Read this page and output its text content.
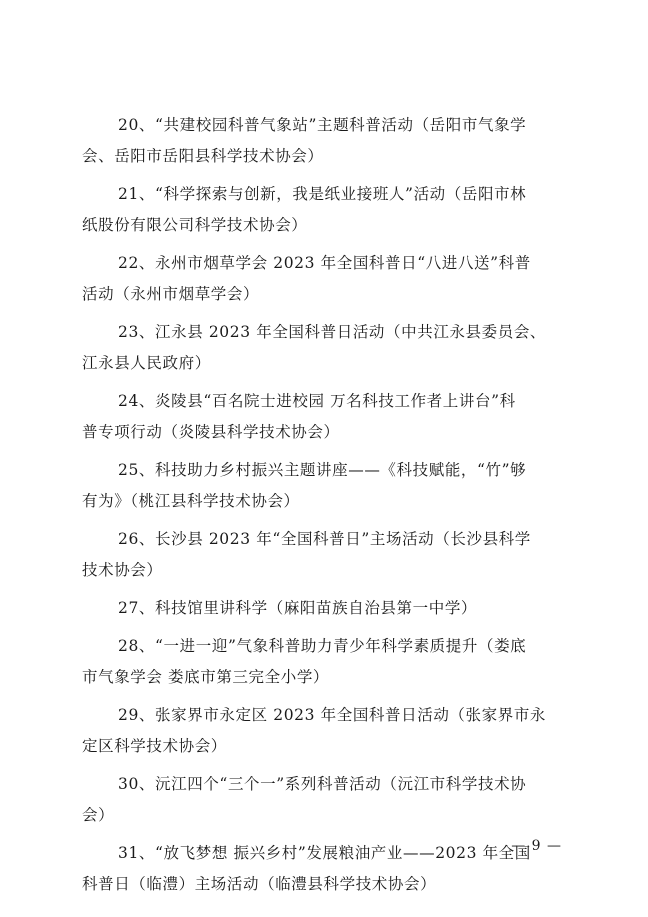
20、“共建校园科普气象站”主题科普活动（岳阳市气象学
会、岳阳市岳阳县科学技术协会）
21、“科学探索与创新，我是纸业接班人”活动（岳阳市林
纸股份有限公司科学技术协会）
22、永州市烟草学会 2023 年全国科普日“八进八送”科普
活动（永州市烟草学会）
23、江永县 2023 年全国科普日活动（中共江永县委员会、
江永县人民政府）
24、炎陵县“百名院士进校园 万名科技工作者上讲台”科
普专项行动（炎陵县科学技术协会）
25、科技助力乡村振兴主题讲座——《科技赋能，“竹”够
有为》（桃江县科学技术协会）
26、长沙县 2023 年“全国科普日”主场活动（长沙县科学
技术协会）
27、科技馆里讲科学（麻阳苗族自治县第一中学）
28、“一进一迎”气象科普助力青少年科学素质提升（娄底
市气象学会 娄底市第三完全小学）
29、张家界市永定区 2023 年全国科普日活动（张家界市永
定区科学技术协会）
30、沅江四个“三个一”系列科普活动（沅江市科学技术协
会）
31、“放飞梦想 振兴乡村”发展粮油产业——2023 年全国
科普日（临澧）主场活动（临澧县科学技术协会）
— 9 —
